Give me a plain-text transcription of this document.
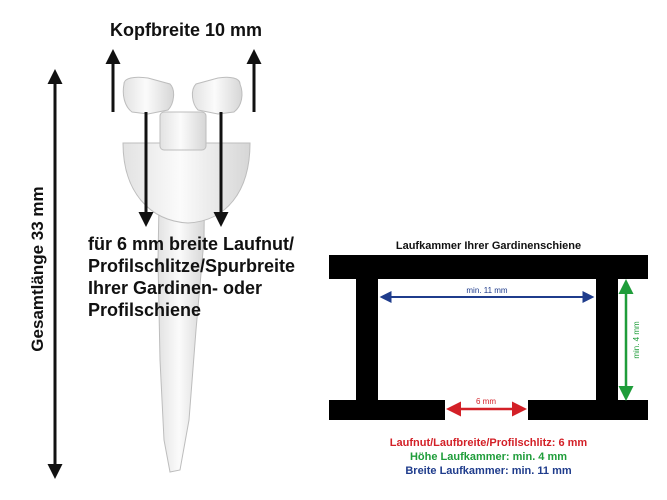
min. 11 mm
6 mm
min. 4 mm
Kopfbreite 10 mm
Gesamtlänge 33 mm für 6 mm breite Laufnut/
Profilschlitze/Spurbreite
Ihrer Gardinen- oder
Profilschiene
Laufkammer Ihrer Gardinenschiene
Laufnut/Laufbreite/Profilschlitz: 6 mm
Höhe Laufkammer: min. 4 mm
Breite Laufkammer: min. 11 mm
